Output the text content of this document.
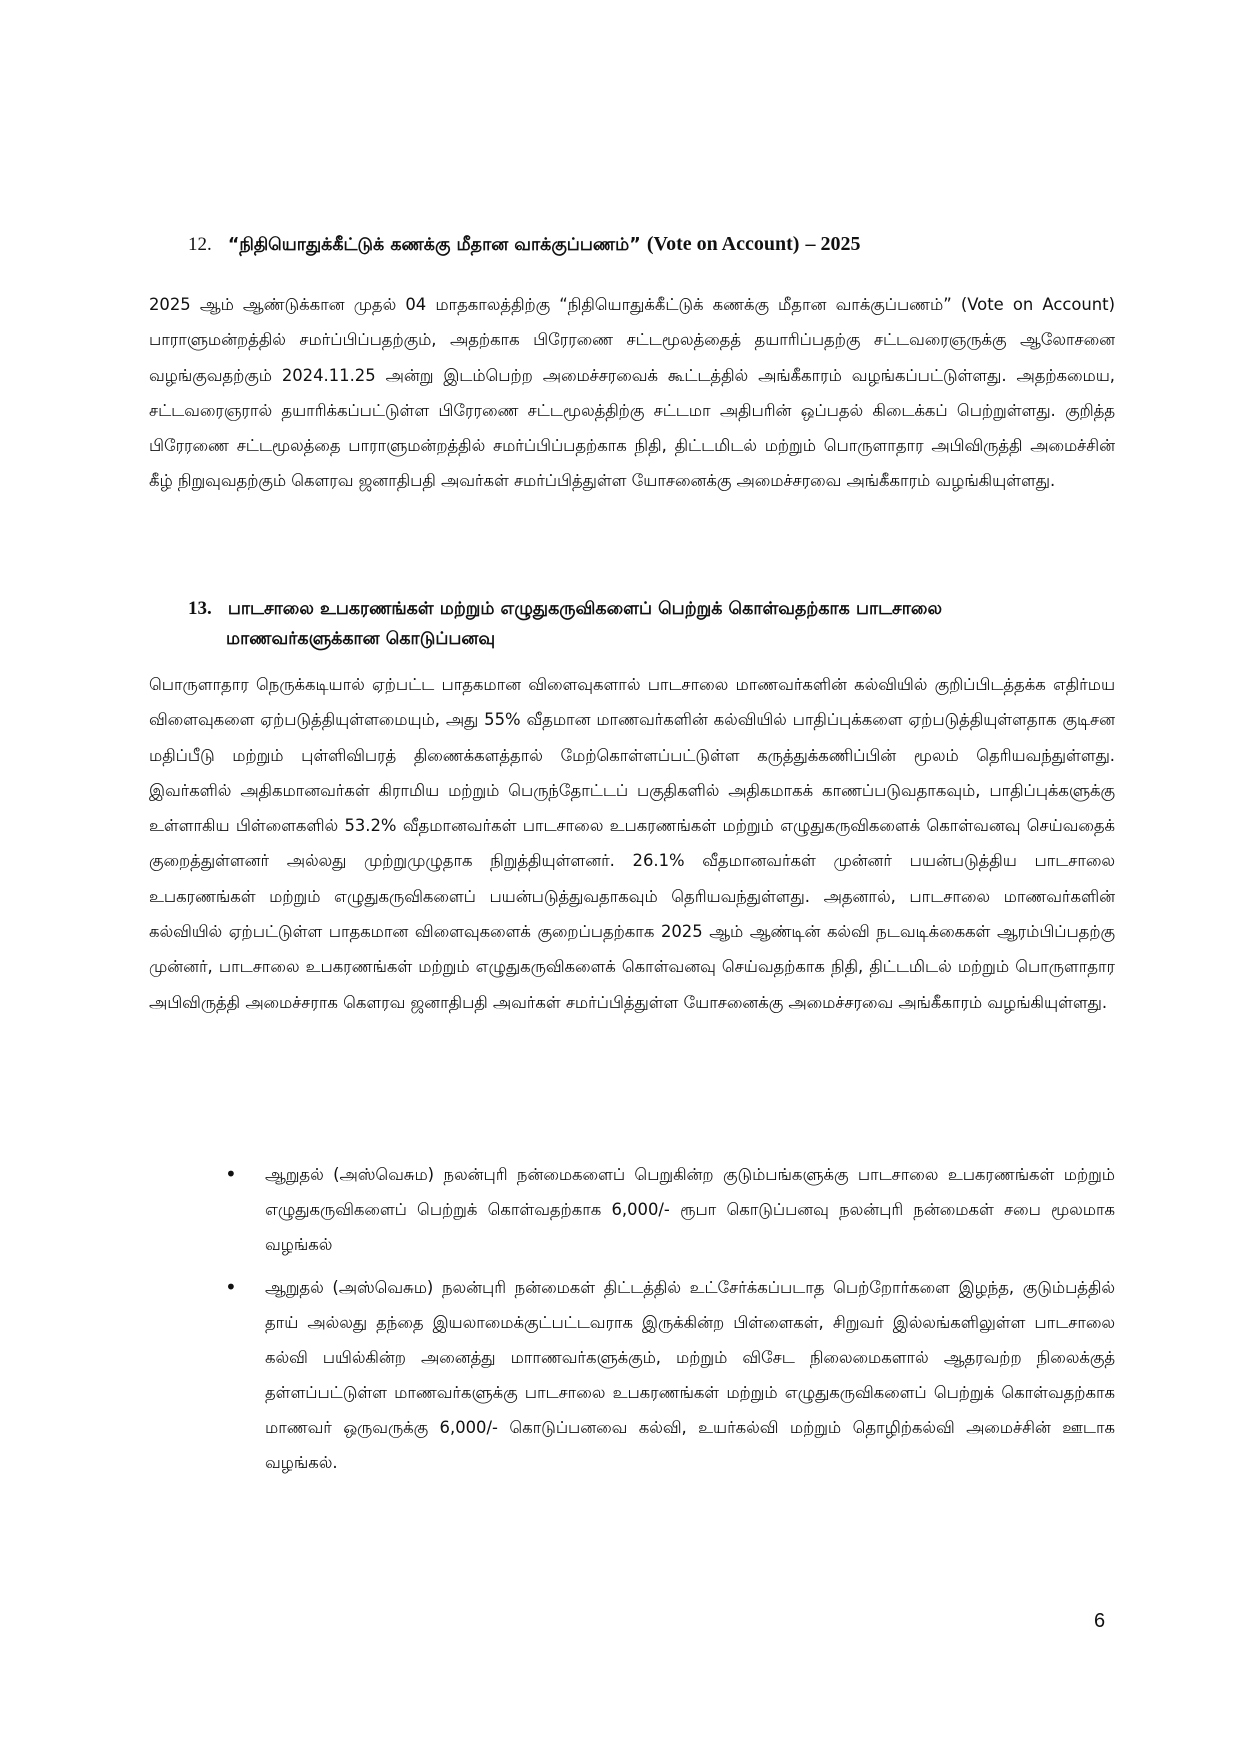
12. “நிதியொதுக்கீட்டுக் கணக்கு மீதான வாக்குப்பணம்” (Vote on Account) – 2025

2025 ஆம் ஆண்டுக்கான முதல் 04 மாதகாலத்திற்கு “நிதியொதுக்கீட்டுக் கணக்கு மீதான வாக்குப்பணம்” (Vote on Account) பாராளுமன்றத்தில் சமர்ப்பிப்பதற்கும், அதற்காக பிரேரணை சட்டமூலத்தைத் தயாரிப்பதற்கு சட்டவரைஞருக்கு ஆலோசனை வழங்குவதற்கும் 2024.11.25 அன்று இடம்பெற்ற அமைச்சரவைக் கூட்டத்தில் அங்கீகாரம் வழங்கப்பட்டுள்ளது. அதற்கமைய, சட்டவரைஞரால் தயாரிக்கப்பட்டுள்ள பிரேரணை சட்டமூலத்திற்கு சட்டமா அதிபரின் ஒப்பதல் கிடைக்கப் பெற்றுள்ளது. குறித்த பிரேரணை சட்டமூலத்தை பாராளுமன்றத்தில் சமர்ப்பிப்பதற்காக நிதி, திட்டமிடல் மற்றும் பொருளாதார அபிவிருத்தி அமைச்சின் கீழ் நிறுவுவதற்கும் கௌரவ ஜனாதிபதி அவர்கள் சமர்ப்பித்துள்ள யோசனைக்கு அமைச்சரவை அங்கீகாரம் வழங்கியுள்ளது.

13. பாடசாலை உபகரணங்கள் மற்றும் எழுதுகருவிகளைப் பெற்றுக் கொள்வதற்காக பாடசாலை
மாணவர்களுக்கான கொடுப்பனவு

பொருளாதார நெருக்கடியால் ஏற்பட்ட பாதகமான விளைவுகளால் பாடசாலை மாணவர்களின் கல்வியில் குறிப்பிடத்தக்க எதிர்மய விளைவுகளை ஏற்படுத்தியுள்ளமையும், அது 55% வீதமான மாணவர்களின் கல்வியில் பாதிப்புக்களை ஏற்படுத்தியுள்ளதாக குடிசன மதிப்பீடு மற்றும் புள்ளிவிபரத் திணைக்களத்தால் மேற்கொள்ளப்பட்டுள்ள கருத்துக்கணிப்பின் மூலம் தெரியவந்துள்ளது. இவர்களில் அதிகமானவர்கள் கிராமிய மற்றும் பெருந்தோட்டப் பகுதிகளில் அதிகமாகக் காணப்படுவதாகவும், பாதிப்புக்களுக்கு உள்ளாகிய பிள்ளைகளில் 53.2% வீதமானவர்கள் பாடசாலை உபகரணங்கள் மற்றும் எழுதுகருவிகளைக் கொள்வனவு செய்வதைக் குறைத்துள்ளனர் அல்லது முற்றுமுழுதாக நிறுத்தியுள்ளனர். 26.1% வீதமானவர்கள் முன்னர் பயன்படுத்திய பாடசாலை உபகரணங்கள் மற்றும் எழுதுகருவிகளைப் பயன்படுத்துவதாகவும் தெரியவந்துள்ளது. அதனால், பாடசாலை மாணவர்களின் கல்வியில் ஏற்பட்டுள்ள பாதகமான விளைவுகளைக் குறைப்பதற்காக 2025 ஆம் ஆண்டின் கல்வி நடவடிக்கைகள் ஆரம்பிப்பதற்கு முன்னர், பாடசாலை உபகரணங்கள் மற்றும் எழுதுகருவிகளைக் கொள்வனவு செய்வதற்காக நிதி, திட்டமிடல் மற்றும் பொருளாதார அபிவிருத்தி அமைச்சராக கௌரவ ஜனாதிபதி அவர்கள் சமர்ப்பித்துள்ள யோசனைக்கு அமைச்சரவை அங்கீகாரம் வழங்கியுள்ளது.

• ஆறுதல் (அஸ்வெசும) நலன்புரி நன்மைகளைப் பெறுகின்ற குடும்பங்களுக்கு பாடசாலை உபகரணங்கள் மற்றும் எழுதுகருவிகளைப் பெற்றுக் கொள்வதற்காக 6,000/- ரூபா கொடுப்பனவு நலன்புரி நன்மைகள் சபை மூலமாக வழங்கல்
• ஆறுதல் (அஸ்வெசும) நலன்புரி நன்மைகள் திட்டத்தில் உட்சேர்க்கப்படாத பெற்றோர்களை இழந்த, குடும்பத்தில் தாய் அல்லது தந்தை இயலாமைக்குட்பட்டவராக இருக்கின்ற பிள்ளைகள், சிறுவர் இல்லங்களிலுள்ள பாடசாலை கல்வி பயில்கின்ற அனைத்து மாாணவர்களுக்கும், மற்றும் விசேட நிலைமைகளால் ஆதரவற்ற நிலைக்குத் தள்ளப்பட்டுள்ள மாணவர்களுக்கு பாடசாலை உபகரணங்கள் மற்றும் எழுதுகருவிகளைப் பெற்றுக் கொள்வதற்காக மாணவர் ஒருவருக்கு 6,000/- கொடுப்பனவை கல்வி, உயர்கல்வி மற்றும் தொழிற்கல்வி அமைச்சின் ஊடாக வழங்கல்.
6
